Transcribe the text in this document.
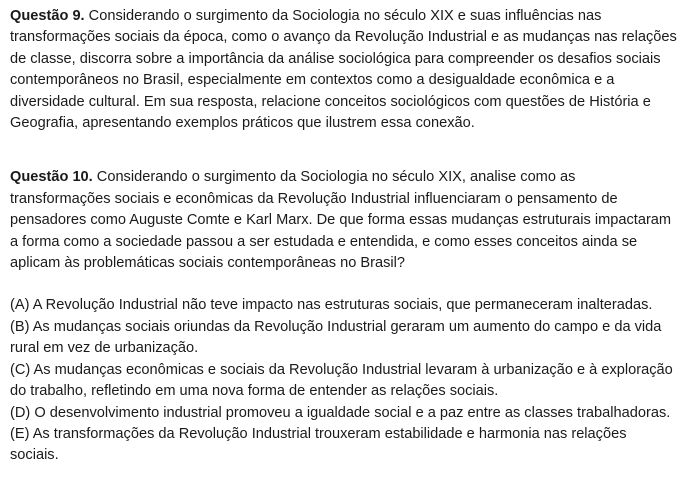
Questão 9. Considerando o surgimento da Sociologia no século XIX e suas influências nas transformações sociais da época, como o avanço da Revolução Industrial e as mudanças nas relações de classe, discorra sobre a importância da análise sociológica para compreender os desafios sociais contemporâneos no Brasil, especialmente em contextos como a desigualdade econômica e a diversidade cultural. Em sua resposta, relacione conceitos sociológicos com questões de História e Geografia, apresentando exemplos práticos que ilustrem essa conexão.

Questão 10. Considerando o surgimento da Sociologia no século XIX, analise como as transformações sociais e econômicas da Revolução Industrial influenciaram o pensamento de pensadores como Auguste Comte e Karl Marx. De que forma essas mudanças estruturais impactaram a forma como a sociedade passou a ser estudada e entendida, e como esses conceitos ainda se aplicam às problemáticas sociais contemporâneas no Brasil?

(A) A Revolução Industrial não teve impacto nas estruturas sociais, que permaneceram inalteradas.

(B) As mudanças sociais oriundas da Revolução Industrial geraram um aumento do campo e da vida rural em vez de urbanização.

(C) As mudanças econômicas e sociais da Revolução Industrial levaram à urbanização e à exploração do trabalho, refletindo em uma nova forma de entender as relações sociais.

(D) O desenvolvimento industrial promoveu a igualdade social e a paz entre as classes trabalhadoras.

(E) As transformações da Revolução Industrial trouxeram estabilidade e harmonia nas relações sociais.
